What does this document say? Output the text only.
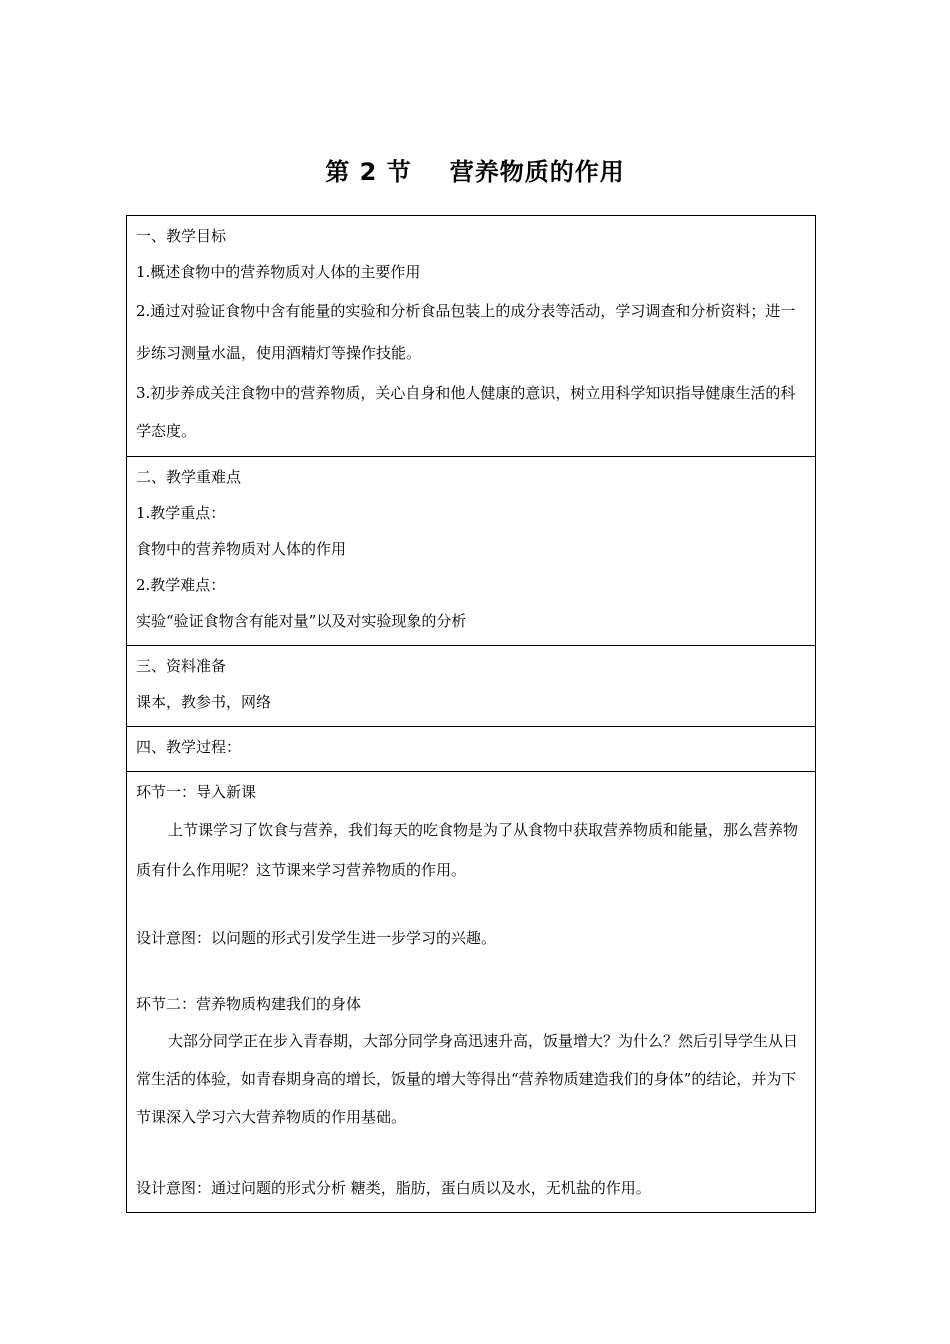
第 2 节 营养物质的作用
一、教学目标
1.概述食物中的营养物质对人体的主要作用
2.通过对验证食物中含有能量的实验和分析食品包装上的成分表等活动，学习调查和分析资料；进一步练习测量水温，使用酒精灯等操作技能。
3.初步养成关注食物中的营养物质，关心自身和他人健康的意识，树立用科学知识指导健康生活的科学态度。

二、教学重难点
1.教学重点：
食物中的营养物质对人体的作用
2.教学难点：
实验“验证食物含有能对量”以及对实验现象的分析

三、资料准备
课本，教参书，网络

四、教学过程：

环节一：导入新课
上节课学习了饮食与营养，我们每天的吃食物是为了从食物中获取营养物质和能量，那么营养物质有什么作用呢？这节课来学习营养物质的作用。
设计意图：以问题的形式引发学生进一步学习的兴趣。
环节二：营养物质构建我们的身体
大部分同学正在步入青春期，大部分同学身高迅速升高，饭量增大？为什么？然后引导学生从日常生活的体验，如青春期身高的增长，饭量的增大等得出“营养物质建造我们的身体”的结论，并为下节课深入学习六大营养物质的作用基础。
设计意图：通过问题的形式分析 糖类，脂肪，蛋白质以及水，无机盐的作用。
